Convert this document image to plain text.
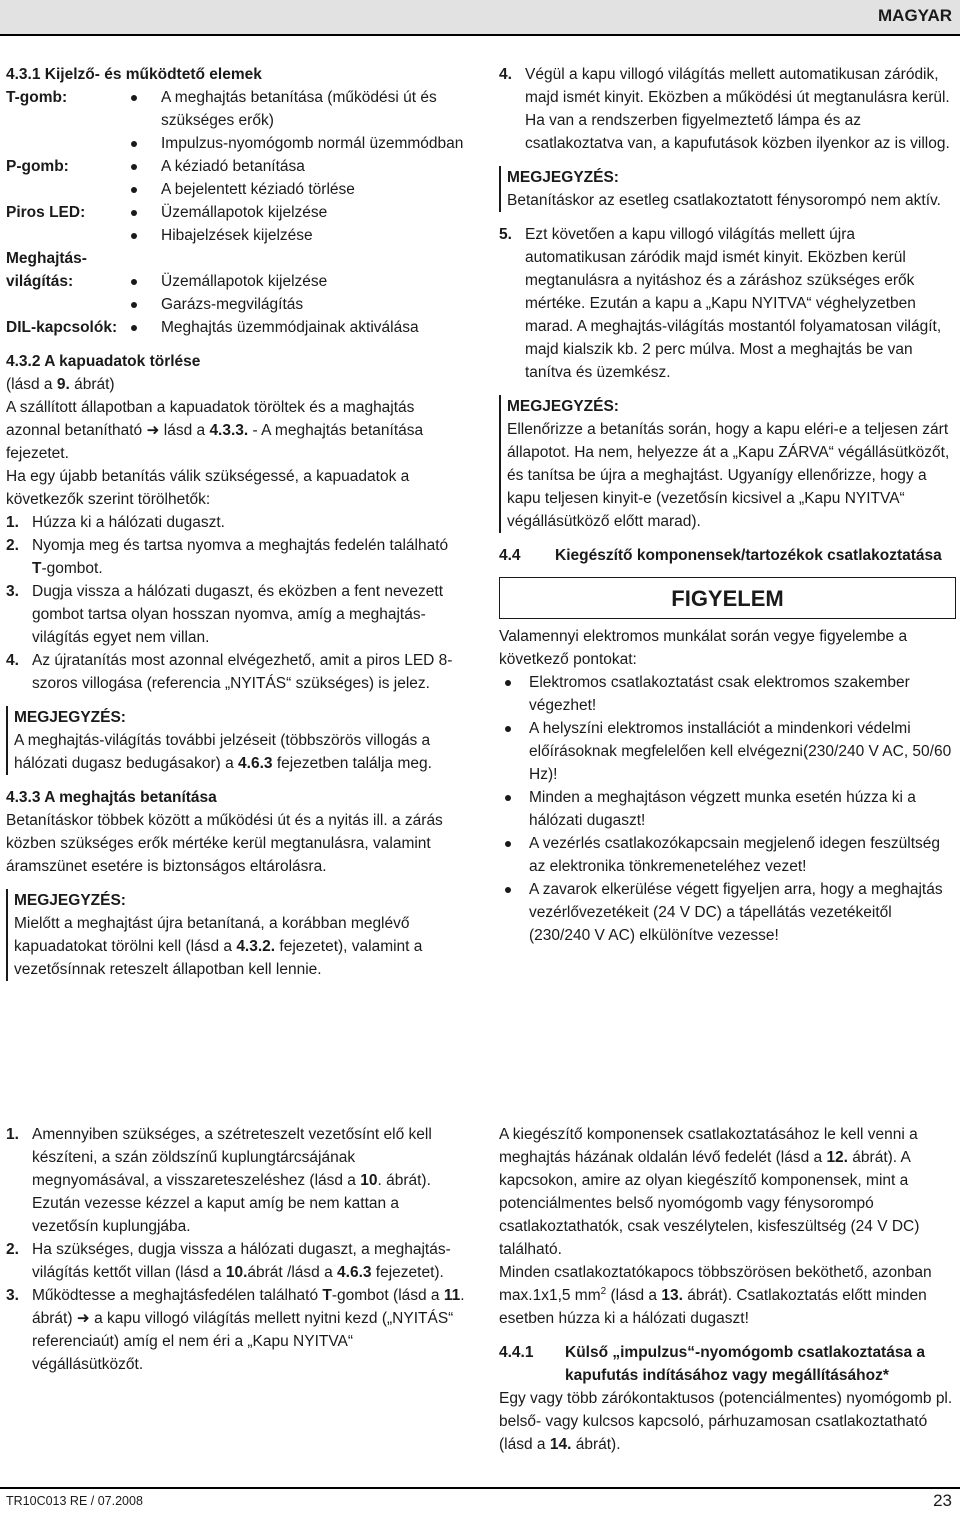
MAGYAR

4.3.1 Kijelző- és működtető elemek

T-gomb:	A meghajtás betanítása (működési út és szükséges erők)
Impulzus-nyomógomb normál üzemmódban
P-gomb:	A kéziadó betanítása
A bejelentett kéziadó törlése
Piros LED:	Üzemállapotok kijelzése
Hibajelzések kijelzése
Meghajtás-
világítás:	Üzemállapotok kijelzése
Garázs-megvilágítás
DIL-kapcsolók:	Meghajtás üzemmódjainak aktiválása

4.3.2 A kapuadatok törlése

(lásd a 9. ábrát)

A szállított állapotban a kapuadatok töröltek és a maghajtás azonnal betanítható ➜ lásd a 4.3.3. - A meghajtás betanítása fejezetet.

Ha egy újabb betanítás válik szükségessé, a kapuadatok a következők szerint törölhetők:

1. Húzza ki a hálózati dugaszt.
2. Nyomja meg és tartsa nyomva a meghajtás fedelén található T-gombot.
3. Dugja vissza a hálózati dugaszt, és eközben a fent nevezett gombot tartsa olyan hosszan nyomva, amíg a meghajtás-világítás egyet nem villan.
4. Az újratanítás most azonnal elvégezhető, amit a piros LED 8-szoros villogása (referencia „NYITÁS“ szükséges) is jelez.

MEGJEGYZÉS:

A meghajtás-világítás további jelzéseit (többszörös villogás a hálózati dugasz bedugásakor) a 4.6.3 fejezetben találja meg.

4.3.3 A meghajtás betanítása

Betanításkor többek között a működési út és a nyitás ill. a zárás közben szükséges erők mértéke kerül megtanulásra, valamint áramszünet esetére is biztonságos eltárolásra.

MEGJEGYZÉS:

Mielőtt a meghajtást újra betanítaná, a korábban meglévő kapuadatokat törölni kell (lásd a 4.3.2. fejezetet), valamint a vezetősínnak reteszelt állapotban kell lennie.

1. Amennyiben szükséges, a szétreteszelt vezetősínt elő kell készíteni, a szán zöldszínű kuplungtárcsájának megnyomásával, a visszareteszeléshez (lásd a 10. ábrát). Ezután vezesse kézzel a kaput amíg be nem kattan a vezetősín kuplungjába.
2. Ha szükséges, dugja vissza a hálózati dugaszt, a meghajtás-világítás kettőt villan (lásd a 10.ábrát /lásd a 4.6.3 fejezetet).
3. Működtesse a meghajtásfedélen található T-gombot (lásd a 11. ábrát) ➜ a kapu villogó világítás mellett nyitni kezd („NYITÁS“ referenciaút) amíg el nem éri a „Kapu NYITVA“ végállásütközőt.
4. Végül a kapu villogó világítás mellett automatikusan záródik, majd ismét kinyit. Eközben a működési út megtanulásra kerül. Ha van a rendszerben figyelmeztető lámpa és az csatlakoztatva van, a kapufutások közben ilyenkor az is villog.

MEGJEGYZÉS:

Betanításkor az esetleg csatlakoztatott fénysorompó nem aktív.

5. Ezt követően a kapu villogó világítás mellett újra automatikusan záródik majd ismét kinyit. Eközben kerül megtanulásra a nyitáshoz és a záráshoz szükséges erők mértéke. Ezután a kapu a „Kapu NYITVA“ véghelyzetben marad. A meghajtás-világítás mostantól folyamatosan világít, majd kialszik kb. 2 perc múlva. Most a meghajtás be van tanítva és üzemkész.

MEGJEGYZÉS:

Ellenőrizze a betanítás során, hogy a kapu eléri-e a teljesen zárt állapotot. Ha nem, helyezze át a „Kapu ZÁRVA“ végállásütközőt, és tanítsa be újra a meghajtást. Ugyanígy ellenőrizze, hogy a kapu teljesen kinyit-e (vezetősín kicsivel a „Kapu NYITVA“ végállásütköző előtt marad).

4.4	Kiegészítő komponensek/tartozékok csatlakoztatása
FIGYELEM

Valamennyi elektromos munkálat során vegye figyelembe a következő pontokat:

Elektromos csatlakoztatást csak elektromos szakember végezhet!
A helyszíni elektromos installációt a mindenkori védelmi előírásoknak megfelelően kell elvégezni(230/240 V AC, 50/60 Hz)!
Minden a meghajtáson végzett munka esetén húzza ki a hálózati dugaszt!
A vezérlés csatlakozókapcsain megjelenő idegen feszültség az elektronika tönkremeneteléhez vezet!
A zavarok elkerülése végett figyeljen arra, hogy a meghajtás vezérlővezetékeit (24 V DC) a tápellátás vezetékeitől (230/240 V AC) elkülönítve vezesse!

A kiegészítő komponensek csatlakoztatásához le kell venni a meghajtás házának oldalán lévő fedelét (lásd a 12. ábrát). A kapcsokon, amire az olyan kiegészítő komponensek, mint a potenciálmentes belső nyomógomb vagy fénysorompó csatlakoztathatók, csak veszélytelen, kisfeszültség (24 V DC) található.

Minden csatlakoztatókapocs többszörösen beköthető, azonban max.1x1,5 $mm^2$ (lásd a 13. ábrát). Csatlakoztatás előtt minden esetben húzza ki a hálózati dugaszt!

4.4.1	Külső „impulzus“-nyomógomb csatlakoztatása a kapufutás indításához vagy megállításához*

Egy vagy több zárókontaktusos (potenciálmentes) nyomógomb pl. belső- vagy kulcsos kapcsoló, párhuzamosan csatlakoztatható (lásd a 14. ábrát).

TR10C013 RE / 07.2008	23
